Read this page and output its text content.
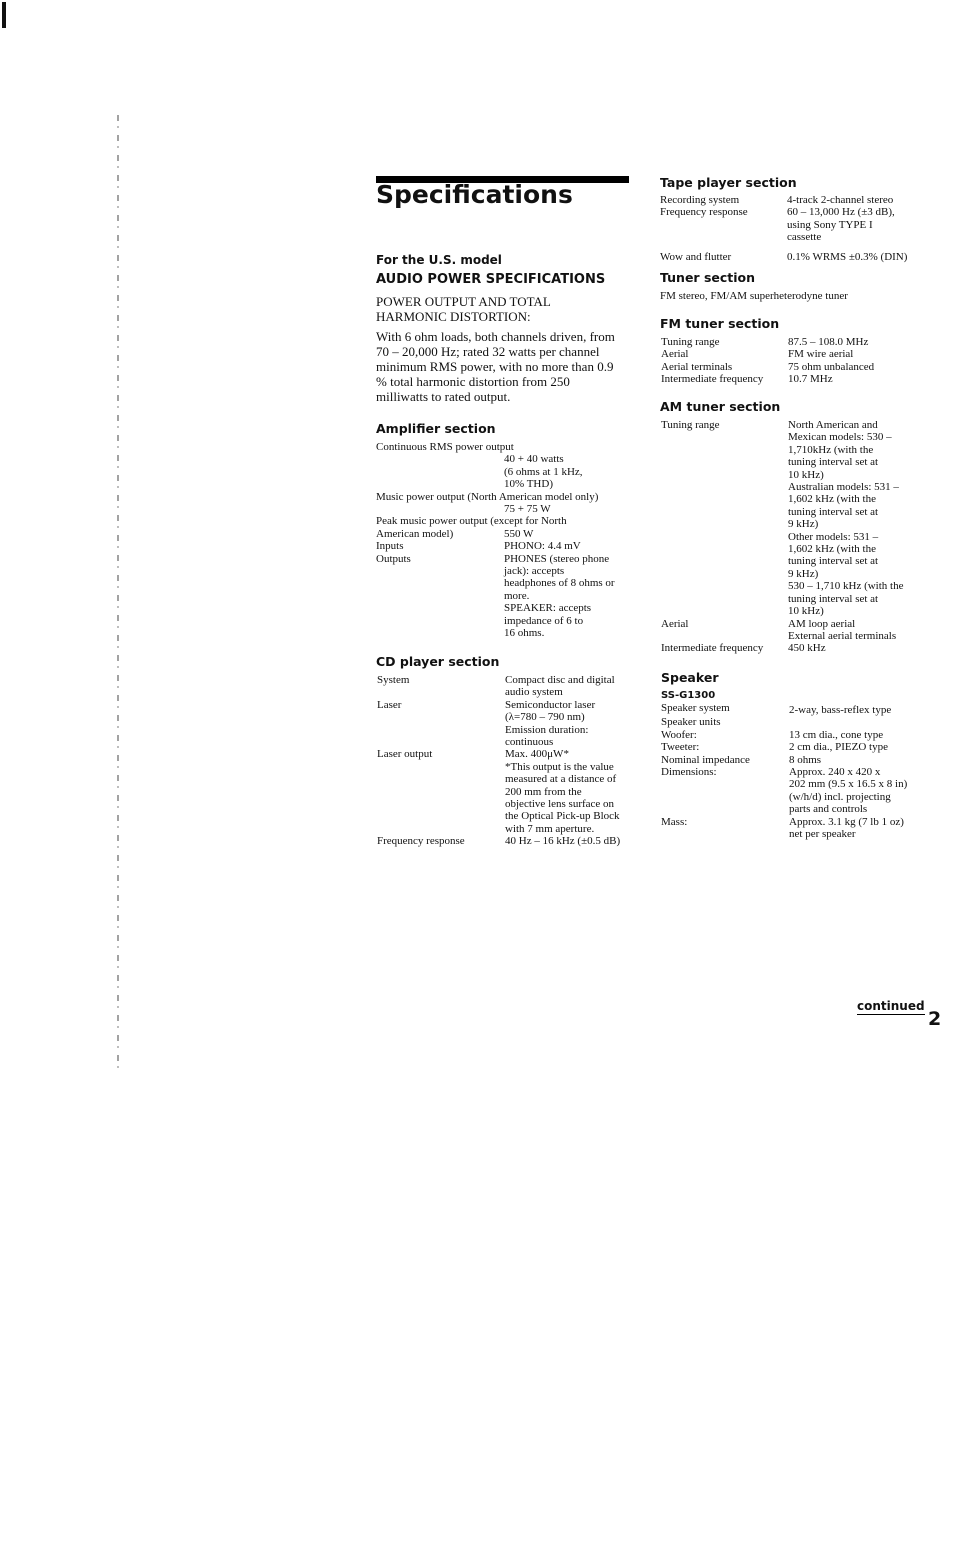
Specifications
For the U.S. model
AUDIO POWER SPECIFICATIONS
POWER OUTPUT AND TOTAL
HARMONIC DISTORTION:
With 6 ohm loads, both channels driven, from
70 – 20,000 Hz; rated 32 watts per channel
minimum RMS power, with no more than 0.9
% total harmonic distortion from 250
milliwatts to rated output.
Amplifier section
Continuous RMS power output
40 + 40 watts
(6 ohms at 1 kHz,
10% THD)
Music power output (North American model only)
75 + 75 W
Peak music power output (except for North
American model)	550 W
Inputs	PHONO: 4.4 mV
Outputs	PHONES (stereo phone
jack): accepts
headphones of 8 ohms or
more.
SPEAKER: accepts
impedance of 6 to
16 ohms.
CD player section
System	Compact disc and digital
audio system
Laser	Semiconductor laser
(λ=780 – 790 nm)
Emission duration:
continuous
Laser output	Max. 400μW*
*This output is the value
measured at a distance of
200 mm from the
objective lens surface on
the Optical Pick-up Block
with 7 mm aperture.
Frequency response	40 Hz – 16 kHz (±0.5 dB)
Tape player section
Recording system	4-track 2-channel stereo
Frequency response	60 – 13,000 Hz (±3 dB),
using Sony TYPE I
cassette
Wow and flutter	0.1% WRMS ±0.3% (DIN)
Tuner section
FM stereo, FM/AM superheterodyne tuner
FM tuner section
Tuning range	87.5 – 108.0 MHz
Aerial	FM wire aerial
Aerial terminals	75 ohm unbalanced
Intermediate frequency	10.7 MHz
AM tuner section
Tuning range	North American and
Mexican models: 530 –
1,710kHz (with the
tuning interval set at
10 kHz)
Australian models: 531 –
1,602 kHz (with the
tuning interval set at
9 kHz)
Other models: 531 –
1,602 kHz (with the
tuning interval set at
9 kHz)
530 – 1,710 kHz (with the
tuning interval set at
10 kHz)
Aerial	AM loop aerial
External aerial terminals
Intermediate frequency	450 kHz
Speaker
SS-G1300
Speaker system	2-way, bass-reflex type
Speaker units
Woofer:	13 cm dia., cone type
Tweeter:	2 cm dia., PIEZO type
Nominal impedance	8 ohms
Dimensions:	Approx. 240 x 420 x
202 mm (9.5 x 16.5 x 8 in)
(w/h/d) incl. projecting
parts and controls
Mass:	Approx. 3.1 kg (7 lb 1 oz)
net per speaker
continued
2
